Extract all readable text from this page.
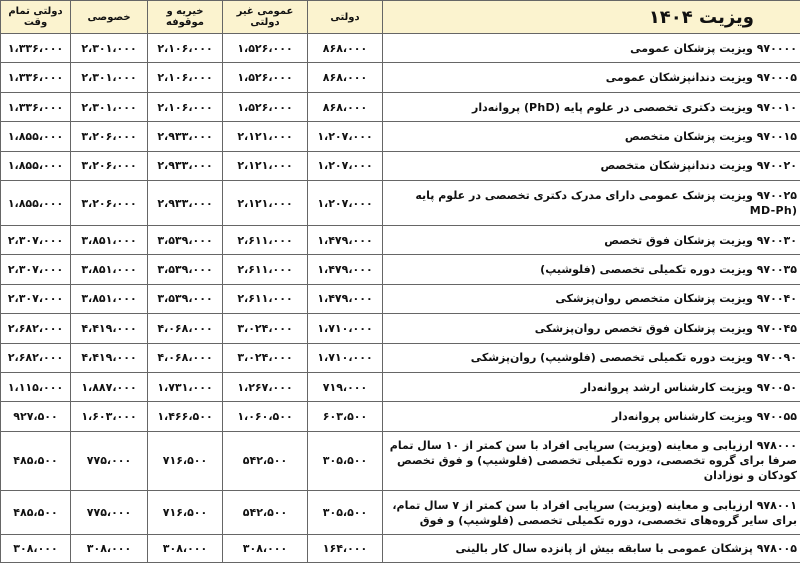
ویزیت ۱۴۰۴	دولتی	عمومی غیر دولتی	خیریه و موقوفه	خصوصی	دولتی تمام وقت
۹۷۰۰۰۰ ویزیت پزشکان عمومی	۸۶۸،۰۰۰	۱،۵۲۶،۰۰۰	۲،۱۰۶،۰۰۰	۲،۳۰۱،۰۰۰	۱،۳۳۶،۰۰۰
۹۷۰۰۰۵ ویزیت دندانپزشکان عمومی	۸۶۸،۰۰۰	۱،۵۲۶،۰۰۰	۲،۱۰۶،۰۰۰	۲،۳۰۱،۰۰۰	۱،۳۳۶،۰۰۰
۹۷۰۰۱۰ ویزیت دکتری تخصصی در علوم پایه (PhD) پروانه‌دار	۸۶۸،۰۰۰	۱،۵۲۶،۰۰۰	۲،۱۰۶،۰۰۰	۲،۳۰۱،۰۰۰	۱،۳۳۶،۰۰۰
۹۷۰۰۱۵ ویزیت پزشکان متخصص	۱،۲۰۷،۰۰۰	۲،۱۲۱،۰۰۰	۲،۹۳۳،۰۰۰	۳،۲۰۶،۰۰۰	۱،۸۵۵،۰۰۰
۹۷۰۰۲۰ ویزیت دندانپزشکان متخصص	۱،۲۰۷،۰۰۰	۲،۱۲۱،۰۰۰	۲،۹۳۳،۰۰۰	۳،۲۰۶،۰۰۰	۱،۸۵۵،۰۰۰
۹۷۰۰۲۵ ویزیت پزشک عمومی دارای مدرک دکتری تخصصی در علوم پایه (MD-Ph	۱،۲۰۷،۰۰۰	۲،۱۲۱،۰۰۰	۲،۹۳۳،۰۰۰	۳،۲۰۶،۰۰۰	۱،۸۵۵،۰۰۰
۹۷۰۰۳۰ ویزیت پزشکان فوق تخصص	۱،۴۷۹،۰۰۰	۲،۶۱۱،۰۰۰	۳،۵۳۹،۰۰۰	۳،۸۵۱،۰۰۰	۲،۳۰۷،۰۰۰
۹۷۰۰۳۵ ویزیت دوره تکمیلی تخصصی (فلوشیپ)	۱،۴۷۹،۰۰۰	۲،۶۱۱،۰۰۰	۳،۵۳۹،۰۰۰	۳،۸۵۱،۰۰۰	۲،۳۰۷،۰۰۰
۹۷۰۰۴۰ ویزیت پزشکان متخصص روان‌پزشکی	۱،۴۷۹،۰۰۰	۲،۶۱۱،۰۰۰	۳،۵۳۹،۰۰۰	۳،۸۵۱،۰۰۰	۲،۳۰۷،۰۰۰
۹۷۰۰۴۵ ویزیت پزشکان فوق تخصص روان‌پزشکی	۱،۷۱۰،۰۰۰	۳،۰۲۴،۰۰۰	۴،۰۶۸،۰۰۰	۴،۴۱۹،۰۰۰	۲،۶۸۲،۰۰۰
۹۷۰۰۹۰ ویزیت دوره تکمیلی تخصصی (فلوشیپ) روان‌پزشکی	۱،۷۱۰،۰۰۰	۳،۰۲۴،۰۰۰	۴،۰۶۸،۰۰۰	۴،۴۱۹،۰۰۰	۲،۶۸۲،۰۰۰
۹۷۰۰۵۰ ویزیت کارشناس ارشد پروانه‌دار	۷۱۹،۰۰۰	۱،۲۶۷،۰۰۰	۱،۷۳۱،۰۰۰	۱،۸۸۷،۰۰۰	۱،۱۱۵،۰۰۰
۹۷۰۰۵۵ ویزیت کارشناس پروانه‌دار	۶۰۳،۵۰۰	۱،۰۶۰،۵۰۰	۱،۴۶۶،۵۰۰	۱،۶۰۳،۰۰۰	۹۲۷،۵۰۰
۹۷۸۰۰۰ ارزیابی و معاینه (ویزیت) سرپایی افراد با سن کمتر از ۱۰ سال تمام صرفا برای گروه تخصصی، دوره تکمیلی تخصصی (فلوشیپ) و فوق تخصص کودکان و نوزادان	۳۰۵،۵۰۰	۵۴۲،۵۰۰	۷۱۶،۵۰۰	۷۷۵،۰۰۰	۴۸۵،۵۰۰
۹۷۸۰۰۱ ارزیابی و معاینه (ویزیت) سرپایی افراد با سن کمتر از ۷ سال تمام، برای سایر گروه‌های تخصصی، دوره تکمیلی تخصصی (فلوشیپ) و فوق	۳۰۵،۵۰۰	۵۴۲،۵۰۰	۷۱۶،۵۰۰	۷۷۵،۰۰۰	۴۸۵،۵۰۰
۹۷۸۰۰۵ پزشکان عمومی با سابقه بیش از پانزده سال کار بالینی	۱۶۴،۰۰۰	۳۰۸،۰۰۰	۳۰۸،۰۰۰	۳۰۸،۰۰۰	۳۰۸،۰۰۰
